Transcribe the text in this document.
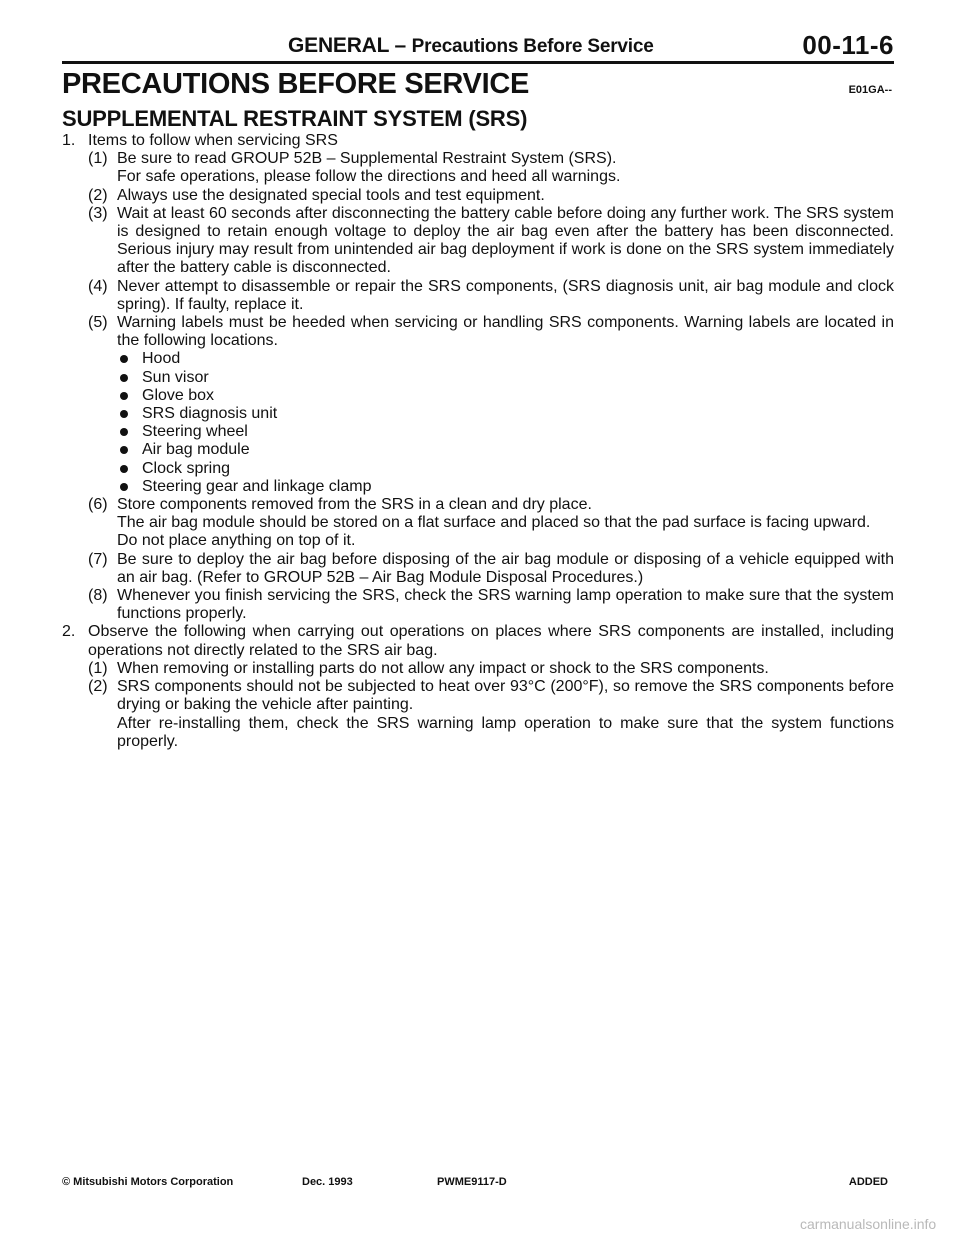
GENERAL – Precautions Before Service	00-11-6
PRECAUTIONS BEFORE SERVICE	E01GA--
SUPPLEMENTAL RESTRAINT SYSTEM (SRS)
1. Items to follow when servicing SRS
(1) Be sure to read GROUP 52B – Supplemental Restraint System (SRS).
For safe operations, please follow the directions and heed all warnings.
(2) Always use the designated special tools and test equipment.
(3) Wait at least 60 seconds after disconnecting the battery cable before doing any further work. The SRS system is designed to retain enough voltage to deploy the air bag even after the battery has been disconnected. Serious injury may result from unintended air bag deployment if work is done on the SRS system immediately after the battery cable is disconnected.
(4) Never attempt to disassemble or repair the SRS components, (SRS diagnosis unit, air bag module and clock spring). If faulty, replace it.
(5) Warning labels must be heeded when servicing or handling SRS components. Warning labels are located in the following locations.
Hood
Sun visor
Glove box
SRS diagnosis unit
Steering wheel
Air bag module
Clock spring
Steering gear and linkage clamp
(6) Store components removed from the SRS in a clean and dry place.
The air bag module should be stored on a flat surface and placed so that the pad surface is facing upward.
Do not place anything on top of it.
(7) Be sure to deploy the air bag before disposing of the air bag module or disposing of a vehicle equipped with an air bag. (Refer to GROUP 52B – Air Bag Module Disposal Procedures.)
(8) Whenever you finish servicing the SRS, check the SRS warning lamp operation to make sure that the system functions properly.
2. Observe the following when carrying out operations on places where SRS components are installed, including operations not directly related to the SRS air bag.
(1) When removing or installing parts do not allow any impact or shock to the SRS components.
(2) SRS components should not be subjected to heat over 93°C (200°F), so remove the SRS components before drying or baking the vehicle after painting.
After re-installing them, check the SRS warning lamp operation to make sure that the system functions properly.
© Mitsubishi Motors Corporation	Dec. 1993	PWME9117-D	ADDED
carmanualsonline.info
